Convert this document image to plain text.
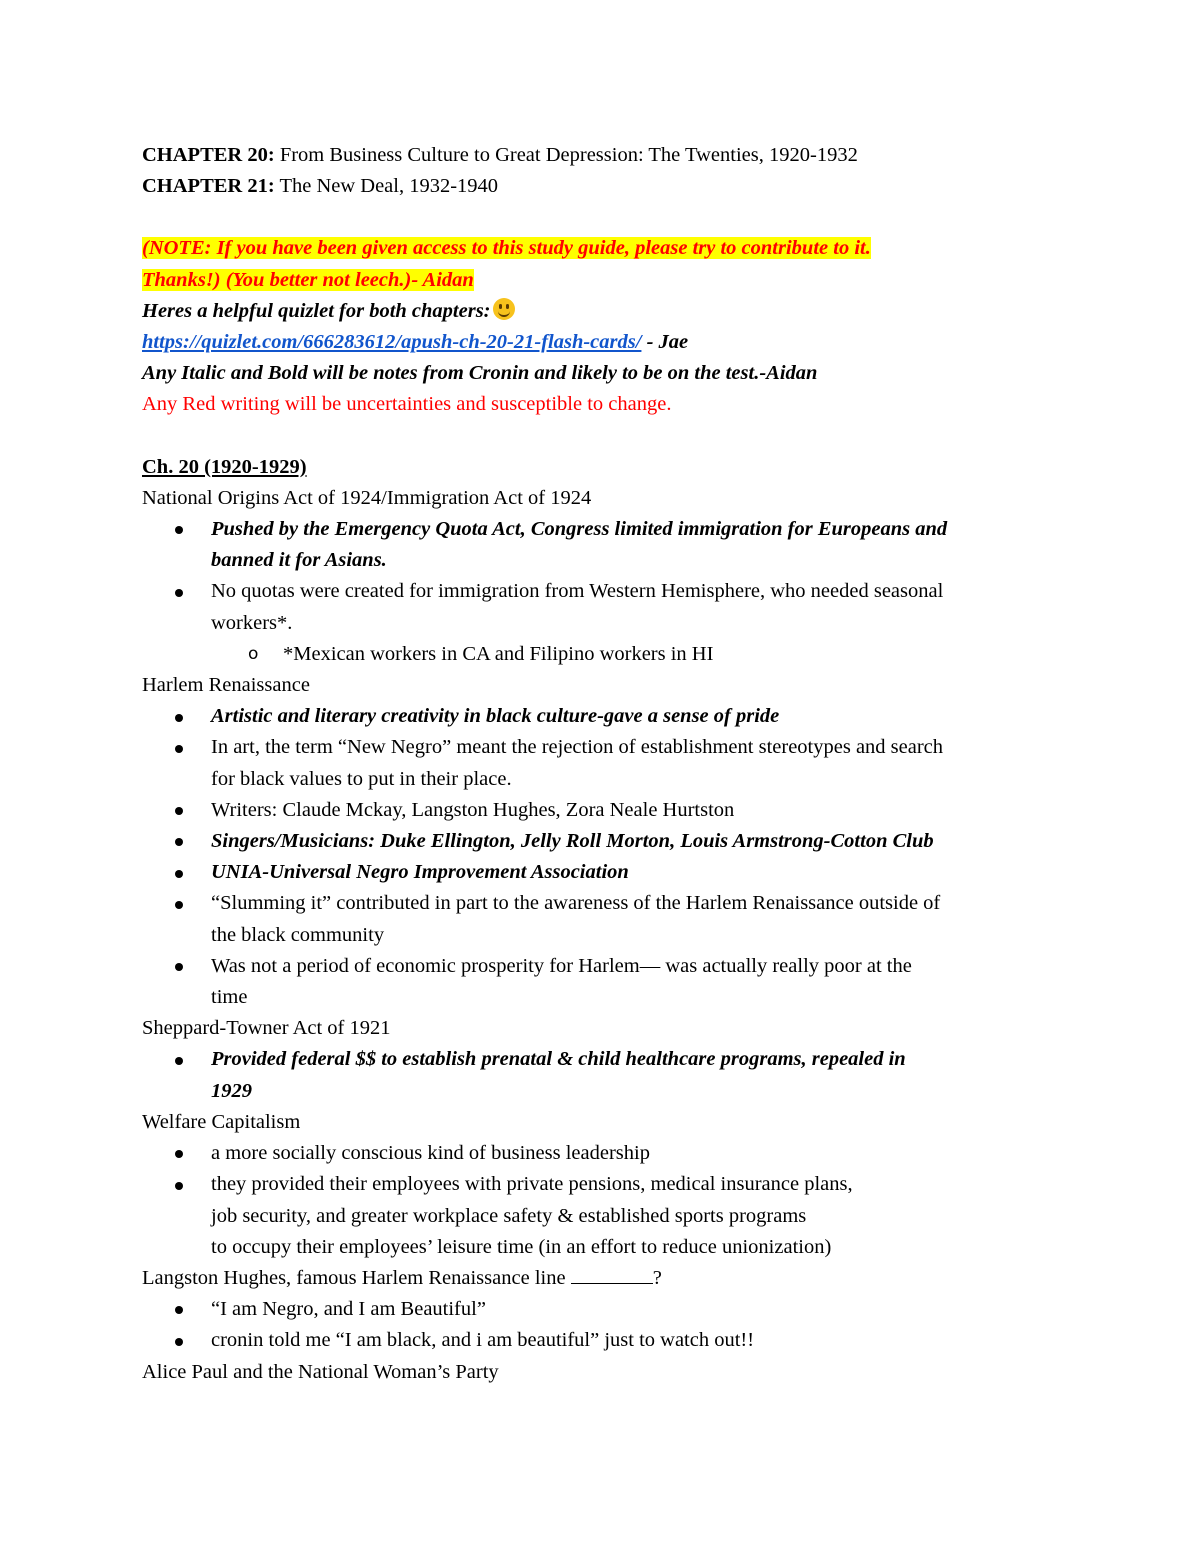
CHAPTER 20: From Business Culture to Great Depression: The Twenties, 1920-1932
CHAPTER 21: The New Deal, 1932-1940
(NOTE: If you have been given access to this study guide, please try to contribute to it.
Thanks!) (You better not leech.)- Aidan
Heres a helpful quizlet for both chapters:
https://quizlet.com/666283612/apush-ch-20-21-flash-cards/ - Jae
Any Italic and Bold will be notes from Cronin and likely to be on the test.-Aidan
Any Red writing will be uncertainties and susceptible to change.
Ch. 20 (1920-1929)
National Origins Act of 1924/Immigration Act of 1924
Pushed by the Emergency Quota Act, Congress limited immigration for Europeans and
banned it for Asians.
No quotas were created for immigration from Western Hemisphere, who needed seasonal
workers*.
o *Mexican workers in CA and Filipino workers in HI
Harlem Renaissance
Artistic and literary creativity in black culture-gave a sense of pride
In art, the term “New Negro” meant the rejection of establishment stereotypes and search
for black values to put in their place.
Writers: Claude Mckay, Langston Hughes, Zora Neale Hurtston
Singers/Musicians: Duke Ellington, Jelly Roll Morton, Louis Armstrong-Cotton Club
UNIA-Universal Negro Improvement Association
“Slumming it” contributed in part to the awareness of the Harlem Renaissance outside of
the black community
Was not a period of economic prosperity for Harlem— was actually really poor at the
time
Sheppard-Towner Act of 1921
Provided federal $$ to establish prenatal & child healthcare programs, repealed in
1929
Welfare Capitalism
a more socially conscious kind of business leadership
they provided their employees with private pensions, medical insurance plans,
job security, and greater workplace safety & established sports programs
to occupy their employees’ leisure time (in an effort to reduce unionization)
Langston Hughes, famous Harlem Renaissance line	?
“I am Negro, and I am Beautiful”
cronin told me “I am black, and i am beautiful” just to watch out!!
Alice Paul and the National Woman’s Party
